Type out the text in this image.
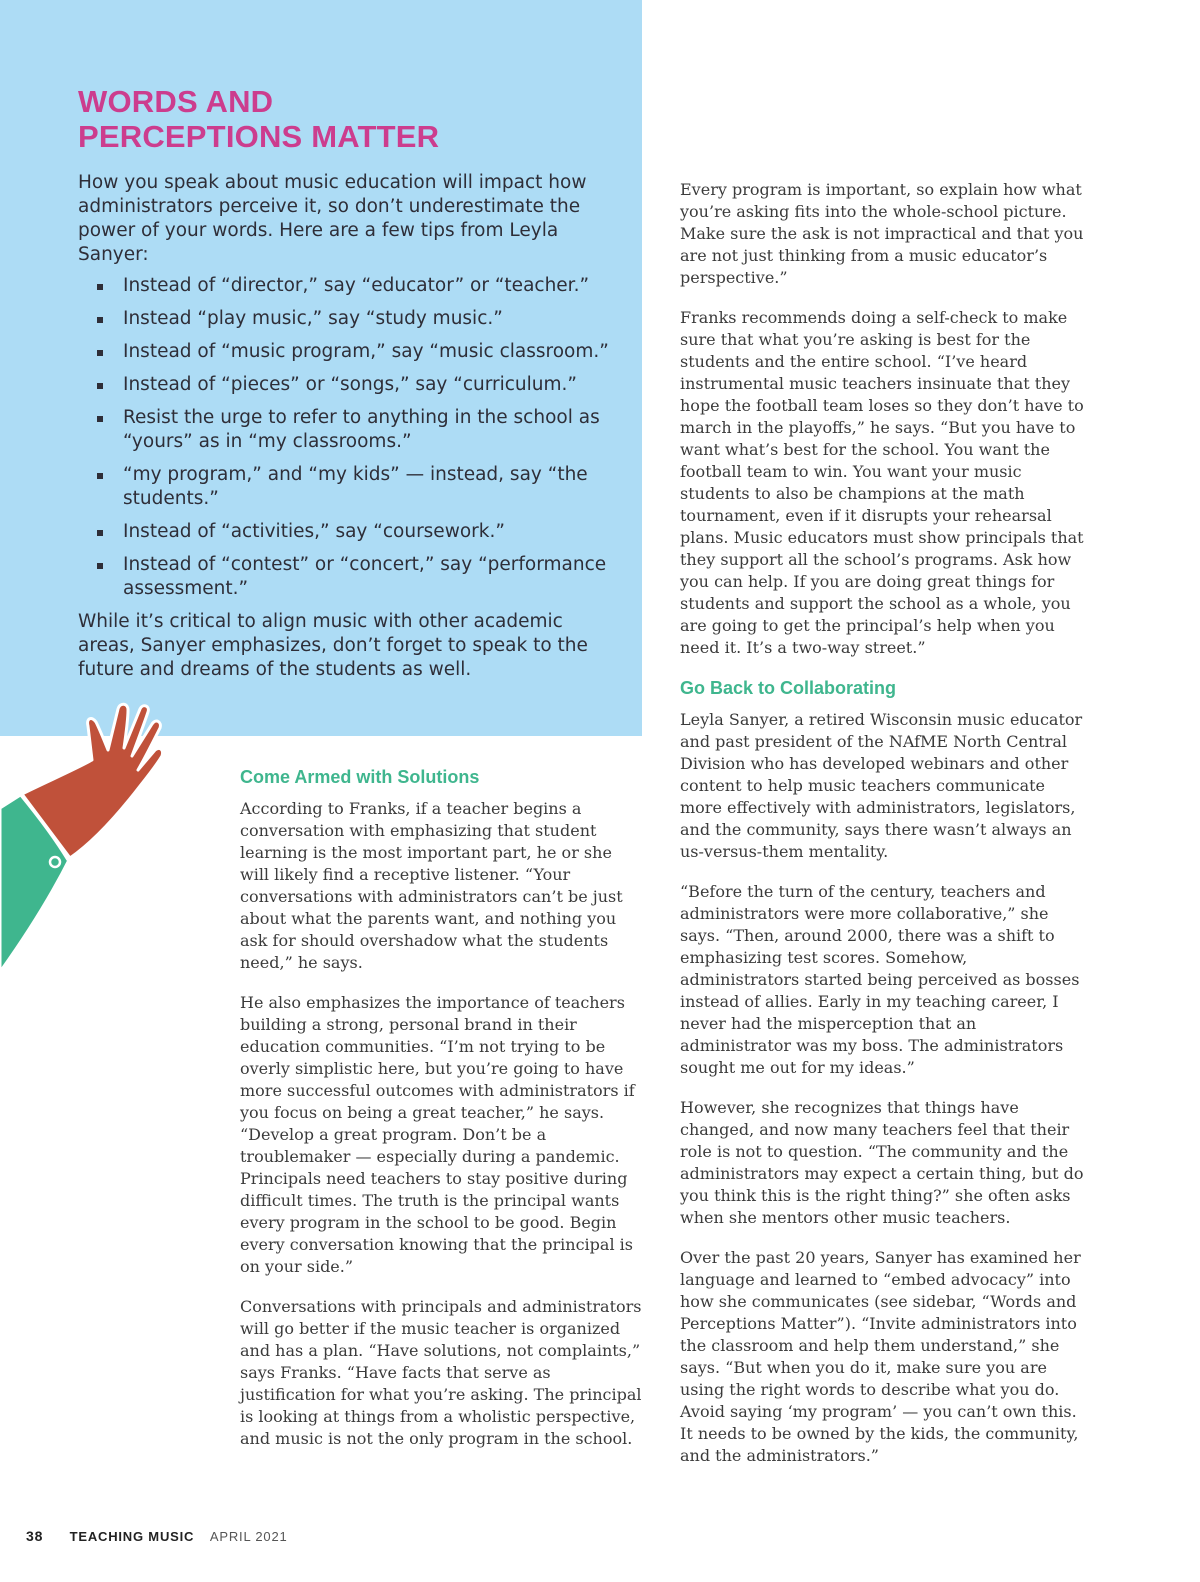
WORDS AND
PERCEPTIONS MATTER

How you speak about music education will impact how administrators perceive it, so don’t underestimate the power of your words. Here are a few tips from Leyla Sanyer:

Instead of “director,” say “educator” or “teacher.”
Instead “play music,” say “study music.”
Instead of “music program,” say “music classroom.”
Instead of “pieces” or “songs,” say “curriculum.”
Resist the urge to refer to anything in the school as “yours” as in “my classrooms.”
“my program,” and “my kids” — instead, say “the students.”
Instead of “activities,” say “coursework.”
Instead of “contest” or “concert,” say “performance assessment.”

While it’s critical to align music with other academic areas, Sanyer emphasizes, don’t forget to speak to the future and dreams of the students as well.

Come Armed with Solutions

According to Franks, if a teacher begins a conversation with emphasizing that student learning is the most important part, he or she will likely find a receptive listener. “Your conversations with administrators can’t be just about what the parents want, and nothing you ask for should overshadow what the students need,” he says.

He also emphasizes the importance of teachers building a strong, personal brand in their education communities. “I’m not trying to be overly simplistic here, but you’re going to have more successful outcomes with administrators if you focus on being a great teacher,” he says. “Develop a great program. Don’t be a troublemaker — especially during a pandemic. Principals need teachers to stay positive during difficult times. The truth is the principal wants every program in the school to be good. Begin every conversation knowing that the principal is on your side.”

Conversations with principals and administrators will go better if the music teacher is organized and has a plan. “Have solutions, not complaints,” says Franks. “Have facts that serve as justification for what you’re asking. The principal is looking at things from a wholistic perspective, and music is not the only program in the school.

Every program is important, so explain how what you’re asking fits into the whole-school picture. Make sure the ask is not impractical and that you are not just thinking from a music educator’s perspective.”

Franks recommends doing a self-check to make sure that what you’re asking is best for the students and the entire school. “I’ve heard instrumental music teachers insinuate that they hope the football team loses so they don’t have to march in the playoffs,” he says. “But you have to want what’s best for the school. You want the football team to win. You want your music students to also be champions at the math tournament, even if it disrupts your rehearsal plans. Music educators must show principals that they support all the school’s programs. Ask how you can help. If you are doing great things for students and support the school as a whole, you are going to get the principal’s help when you need it. It’s a two-way street.”

Go Back to Collaborating

Leyla Sanyer, a retired Wisconsin music educator and past president of the NAfME North Central Division who has developed webinars and other content to help music teachers communicate more effectively with administrators, legislators, and the community, says there wasn’t always an us-versus-them mentality.

“Before the turn of the century, teachers and administrators were more collaborative,” she says. “Then, around 2000, there was a shift to emphasizing test scores. Somehow, administrators started being perceived as bosses instead of allies. Early in my teaching career, I never had the misperception that an administrator was my boss. The administrators sought me out for my ideas.”

However, she recognizes that things have changed, and now many teachers feel that their role is not to question. “The community and the administrators may expect a certain thing, but do you think this is the right thing?” she often asks when she mentors other music teachers.

Over the past 20 years, Sanyer has examined her language and learned to “embed advocacy” into how she communicates (see sidebar, “Words and Perceptions Matter”). “Invite administrators into the classroom and help them understand,” she says. “But when you do it, make sure you are using the right words to describe what you do. Avoid saying ‘my program’ — you can’t own this. It needs to be owned by the kids, the community, and the administrators.”

38 TEACHING MUSIC APRIL 2021
